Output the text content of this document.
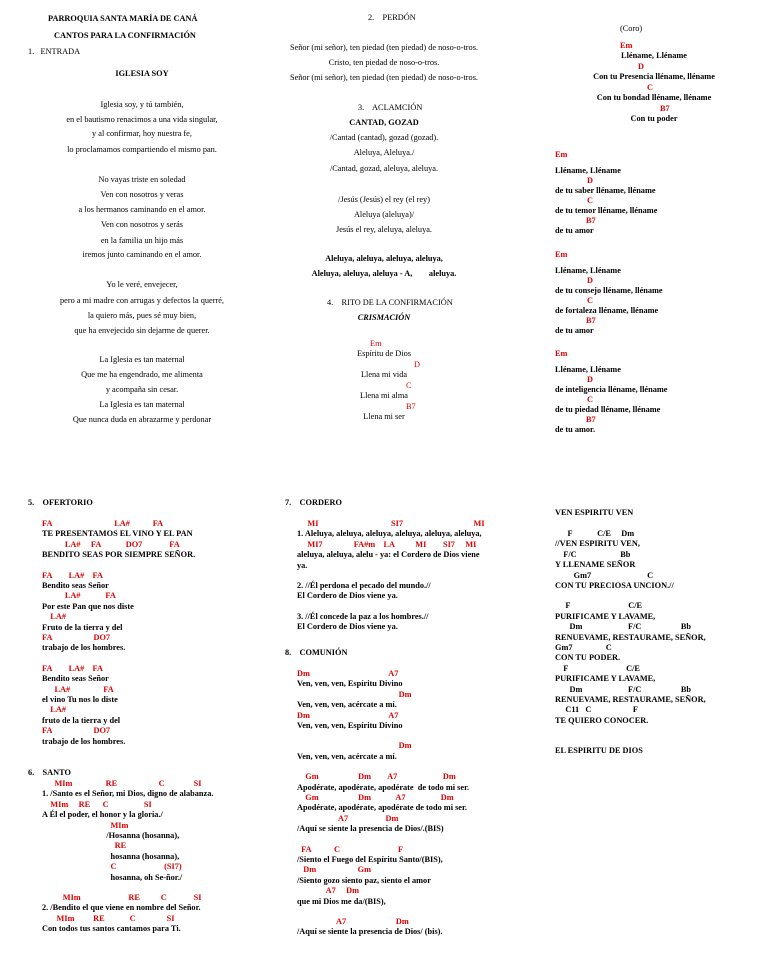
PARROQUIA SANTA MARÍA DE CANÁ
CANTOS PARA LA CONFIRMACIÓN
1.   ENTRADA
IGLESIA SOY
Iglesia soy, y tú también,
en el bautismo renacimos a una vida singular,
y al confirmar, hoy nuestra fe,
lo proclamamos compartiendo el mismo pan.
No vayas triste en soledad
Ven con nosotros y veras
a los hermanos caminando en el amor.
Ven con nosotros y serás
en la familia un hijo más
iremos junto caminando en el amor.
Yo le veré, envejecer,
pero a mi madre con arrugas y defectos la querré,
la quiero más, pues sé muy bien,
que ha envejecido sin dejarme de querer.
La Iglesia es tan maternal
Que me ha engendrado, me alimenta
y acompaña sin cesar.
La Iglesia es tan maternal
Que nunca duda en abrazarme y perdonar
2.    PERDÓN
Señor (mi señor), ten piedad (ten piedad) de noso-o-tros.
Cristo, ten piedad de noso-o-tros.
Señor (mi señor), ten piedad (ten piedad) de noso-o-tros.
3.    ACLAMCIÓN
CANTAD, GOZAD
/Cantad (cantad), gozad (gozad).
Aleluya, Aleluya./
/Cantad, gozad, aleluya, aleluya.
/Jesús (Jesús) el rey (el rey)
Aleluya (aleluya)/
Jesús el rey, aleluya, aleluya.
Aleluya, aleluya, aleluya, aleluya,
Aleluya, aleluya, aleluya - A,        aleluya.
4.    RITO DE LA CONFIRMACIÓN
CRISMACIÓN
Em
Espíritu de Dios
D
Llena mi vida
C
Llena mi alma
B7
Llena mi ser
(Coro)
Em
Lléname, Lléname
D
Con tu Presencia lléname, lléname
C
Con tu bondad lléname, lléname
B7
Con tu poder
Em
Lléname, Lléname
D
de tu saber lléname, lléname
C
de tu temor lléname, lléname
B7
de tu amor
Em
Lléname, Lléname
D
de tu consejo lléname, lléname
C
de fortaleza lléname, lléname
B7
de tu amor
Em
Lléname, Lléname
D
de inteligencia lléname, lléname
C
de tu piedad lléname, lléname
B7
de tu amor.
5.    OFERTORIO
FA                              LA#           FA
TE PRESENTAMOS EL VINO Y EL PAN
LA#     FA            DO7             FA
BENDITO SEAS POR SIEMPRE SEÑOR.
FA        LA#    FA
Bendito seas Señor
LA#            FA
Por este Pan que nos diste
LA#
Fruto de la tierra y del
FA                    DO7
trabajo de los hombres.
FA        LA#    FA
Bendito seas Señor
LA#                FA
el vino Tu nos lo diste
LA#
fruto de la tierra y del
FA                    DO7
trabajo de los hombres.
6.    SANTO
MIm                RE                    C              SI
1. /Santo es el Señor, mi Dios, digno de alabanza.
MIm     RE      C                 SI
A Él el poder, el honor y la gloria./
MIm
/Hosanna (hosanna),
RE
hosanna (hosanna),
C                       (SI7)
hosanna, oh Se-ñor./
MIm                       RE          C             SI
2. /Bendito el que viene en nombre del Señor.
MIm         RE            C               SI
Con todos tus santos cantamos para Ti.
7.    CORDERO
MI                                   SI7                                  MI
1. Aleluya, aleluya, aleluya, aleluya, aleluya, aleluya,
MI7               FA#m    LA          MI        SI7     MI
aleluya, aleluya, alelu - ya: el Cordero de Dios viene
ya.
2. //Él perdona el pecado del mundo.//
El Cordero de Dios viene ya.
3. //Él concede la paz a los hombres.//
El Cordero de Dios viene ya.
8.    COMUNIÓN
Dm                                      A7
Ven, ven, ven, Espíritu Divino
Dm
Ven, ven, ven, acércate a mí.
Dm                                      A7
Ven, ven, ven, Espíritu Divino
Dm
Ven, ven, ven, acércate a mí.
Gm                   Dm        A7                      Dm
Apodérate, apodérate, apodérate  de todo mi ser.
Gm                   Dm            A7                 Dm
Apodérate, apodérate, apodérate de todo mi ser.
A7                  Dm
/Aquí se siente la presencia de Dios/.(BIS)
FA           C                            F
/Siento el Fuego del Espíritu Santo/(BIS),
Dm                    Gm
/Siento gozo siento paz, siento el amor
A7     Dm
que mi Dios me da/(BIS),
A7                        Dm
/Aquí se siente la presencia de Dios/ (bis).
VEN ESPIRITU VEN
F            C/E     Dm
//VEN ESPIRITU VEN,
F/C                     Bb
Y LLENAME SEÑOR
Gm7                           C
CON TU PRECIOSA UNCION.//
F                            C/E
PURIFICAME Y LAVAME,
Dm                      F/C                   Bb
RENUEVAME, RESTAURAME, SEÑOR,
Gm7                C
CON TU PODER.
F                            C/E
PURIFICAME Y LAVAME,
Dm                      F/C                   Bb
RENUEVAME, RESTAURAME, SEÑOR,
C11   C                    F
TE QUIERO CONOCER.
EL ESPIRITU DE DIOS
